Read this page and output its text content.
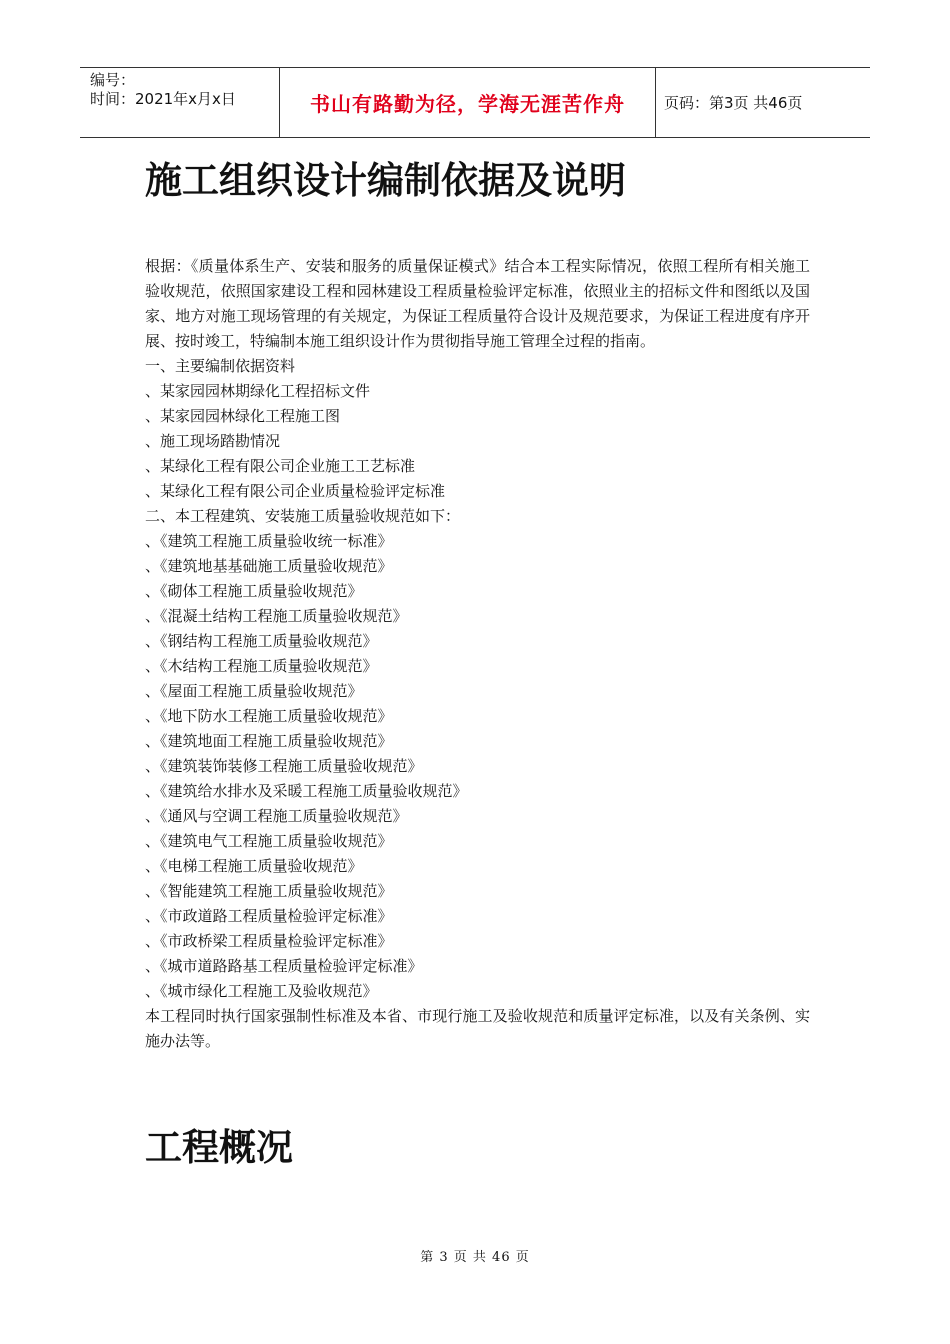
编号：
时间：2021年x月x日	书山有路勤为径，学海无涯苦作舟	页码：第3页 共46页
施工组织设计编制依据及说明

根据：《质量体系生产、安装和服务的质量保证模式》结合本工程实际情况，依照工程所有相关施工验收规范，依照国家建设工程和园林建设工程质量检验评定标准，依照业主的招标文件和图纸以及国家、地方对施工现场管理的有关规定，为保证工程质量符合设计及规范要求，为保证工程进度有序开展、按时竣工，特编制本施工组织设计作为贯彻指导施工管理全过程的指南。

一、主要编制依据资料

、某家园园林期绿化工程招标文件

、某家园园林绿化工程施工图

、施工现场踏勘情况

、某绿化工程有限公司企业施工工艺标准

、某绿化工程有限公司企业质量检验评定标准

二、本工程建筑、安装施工质量验收规范如下：

、《建筑工程施工质量验收统一标准》

、《建筑地基基础施工质量验收规范》

、《砌体工程施工质量验收规范》

、《混凝土结构工程施工质量验收规范》

、《钢结构工程施工质量验收规范》

、《木结构工程施工质量验收规范》

、《屋面工程施工质量验收规范》

、《地下防水工程施工质量验收规范》

、《建筑地面工程施工质量验收规范》

、《建筑装饰装修工程施工质量验收规范》

、《建筑给水排水及采暖工程施工质量验收规范》

、《通风与空调工程施工质量验收规范》

、《建筑电气工程施工质量验收规范》

、《电梯工程施工质量验收规范》

、《智能建筑工程施工质量验收规范》

、《市政道路工程质量检验评定标准》

、《市政桥梁工程质量检验评定标准》

、《城市道路路基工程质量检验评定标准》

、《城市绿化工程施工及验收规范》

本工程同时执行国家强制性标准及本省、市现行施工及验收规范和质量评定标准，以及有关条例、实施办法等。

工程概况
第 3 页 共 46 页
